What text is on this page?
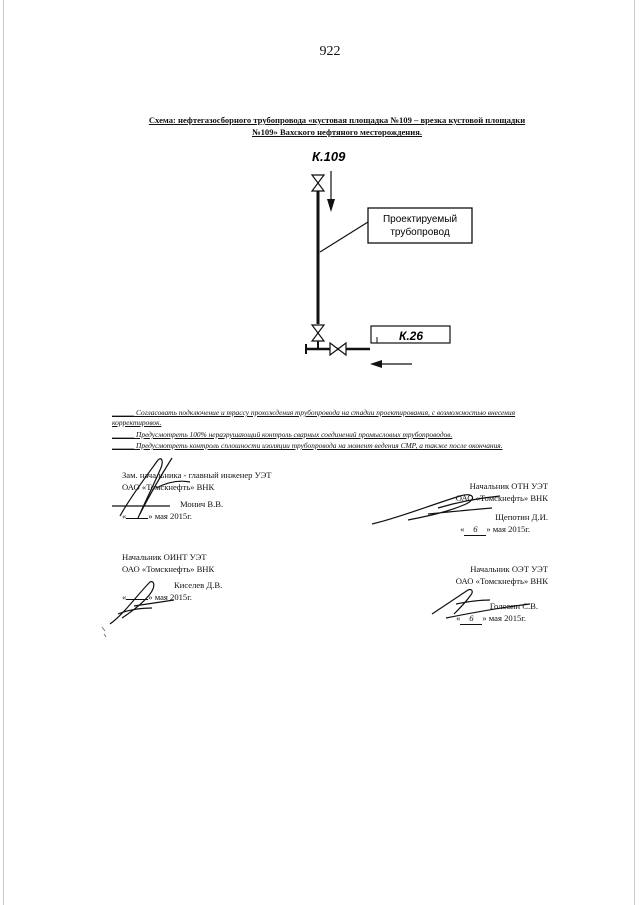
922
Схема: нефтегазосборного трубопровода «кустовая площадка №109 – врезка кустовой площадки
№109» Вахского нефтяного месторождения.
К.109
Проектируемый
трубопровод
К.26
______ Согласовать подключение и трассу прохождения трубопровода на стадии проектирования, с возможностью внесения корректировок.
______ Предусмотреть 100% неразрушающий контроль сварных соединений промысловых трубопроводов.
______ Предусмотреть контроль сплошности изоляции трубопровода на момент ведения СМР, а также после окончания.
Зам. начальника - главный инженер УЭТ
ОАО «Томскнефть» ВНК
Монич В.В.
«	» мая 2015г.
Начальник ОТН УЭТ
ОАО «Томскнефть» ВНК
Щепотин Д.И.
« 6 » мая 2015г.
Начальник ОИНТ УЭТ
ОАО «Томскнефть» ВНК
Киселев Д.В.
«	» мая 2015г.
Начальник ОЭТ УЭТ
ОАО «Томскнефть» ВНК
Головин С.В.
« 6 » мая 2015г.
